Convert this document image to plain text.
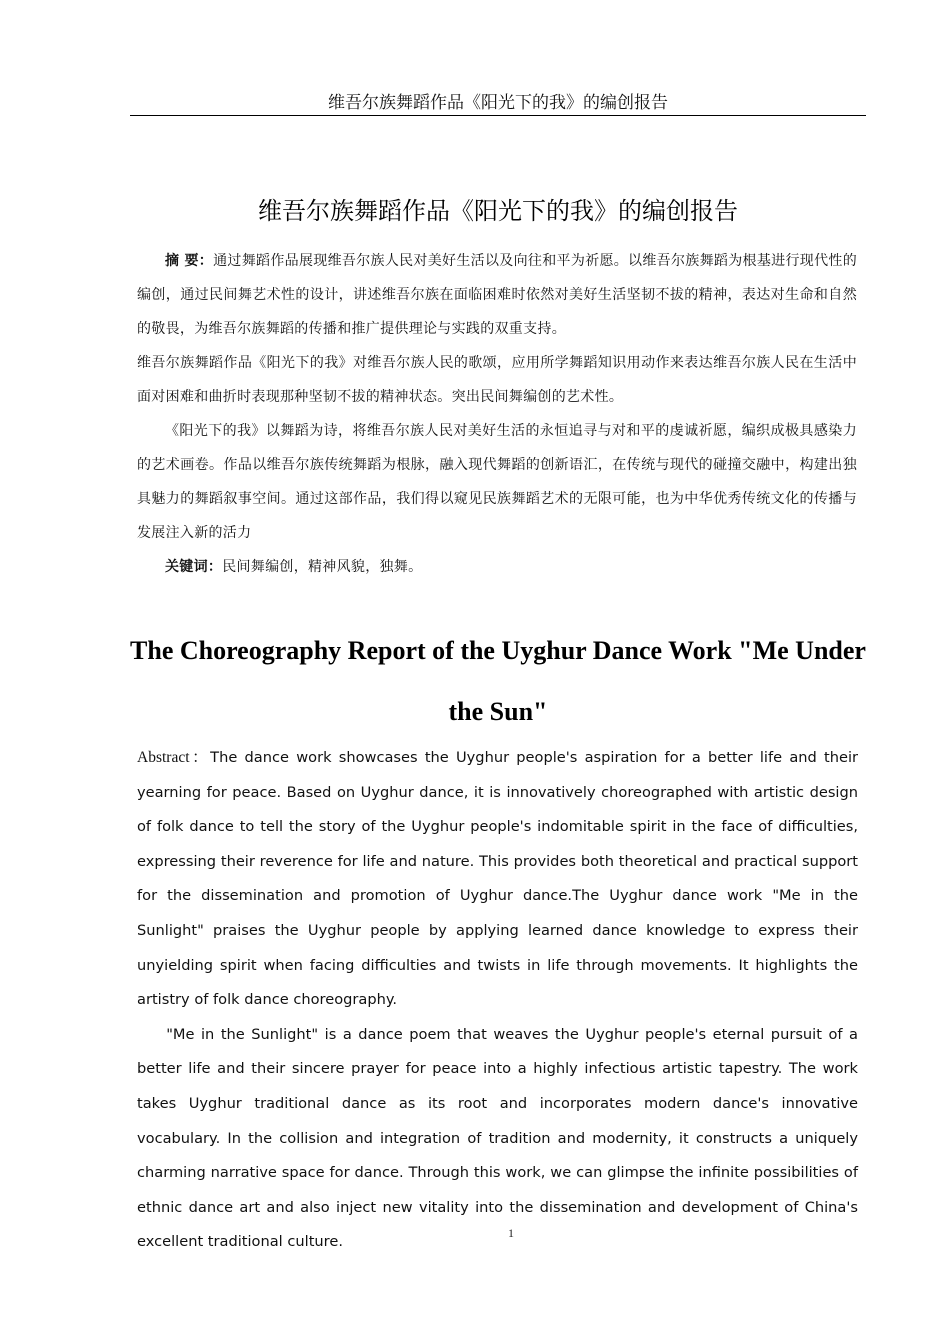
维吾尔族舞蹈作品《阳光下的我》的编创报告
维吾尔族舞蹈作品《阳光下的我》的编创报告

摘 要：通过舞蹈作品展现维吾尔族人民对美好生活以及向往和平为祈愿。以维吾尔族舞蹈为根基进行现代性的编创，通过民间舞艺术性的设计，讲述维吾尔族在面临困难时依然对美好生活坚韧不拔的精神，表达对生命和自然的敬畏，为维吾尔族舞蹈的传播和推广提供理论与实践的双重支持。

维吾尔族舞蹈作品《阳光下的我》对维吾尔族人民的歌颂，应用所学舞蹈知识用动作来表达维吾尔族人民在生活中面对困难和曲折时表现那种坚韧不拔的精神状态。突出民间舞编创的艺术性。

《阳光下的我》以舞蹈为诗，将维吾尔族人民对美好生活的永恒追寻与对和平的虔诚祈愿，编织成极具感染力的艺术画卷。作品以维吾尔族传统舞蹈为根脉，融入现代舞蹈的创新语汇，在传统与现代的碰撞交融中，构建出独具魅力的舞蹈叙事空间。通过这部作品，我们得以窥见民族舞蹈艺术的无限可能，也为中华优秀传统文化的传播与发展注入新的活力

关键词：民间舞编创，精神风貌，独舞。

The Choreography Report of the Uyghur Dance Work "Me Under the Sun"

Abstract：The dance work showcases the Uyghur people's aspiration for a better life and their yearning for peace. Based on Uyghur dance, it is innovatively choreographed with artistic design of folk dance to tell the story of the Uyghur people's indomitable spirit in the face of difficulties, expressing their reverence for life and nature. This provides both theoretical and practical support for the dissemination and promotion of Uyghur dance.The Uyghur dance work "Me in the Sunlight" praises the Uyghur people by applying learned dance knowledge to express their unyielding spirit when facing difficulties and twists in life through movements. It highlights the artistry of folk dance choreography.

"Me in the Sunlight" is a dance poem that weaves the Uyghur people's eternal pursuit of a better life and their sincere prayer for peace into a highly infectious artistic tapestry. The work takes Uyghur traditional dance as its root and incorporates modern dance's innovative vocabulary. In the collision and integration of tradition and modernity, it constructs a uniquely charming narrative space for dance. Through this work, we can glimpse the infinite possibilities of ethnic dance art and also inject new vitality into the dissemination and development of China's excellent traditional culture.

1
